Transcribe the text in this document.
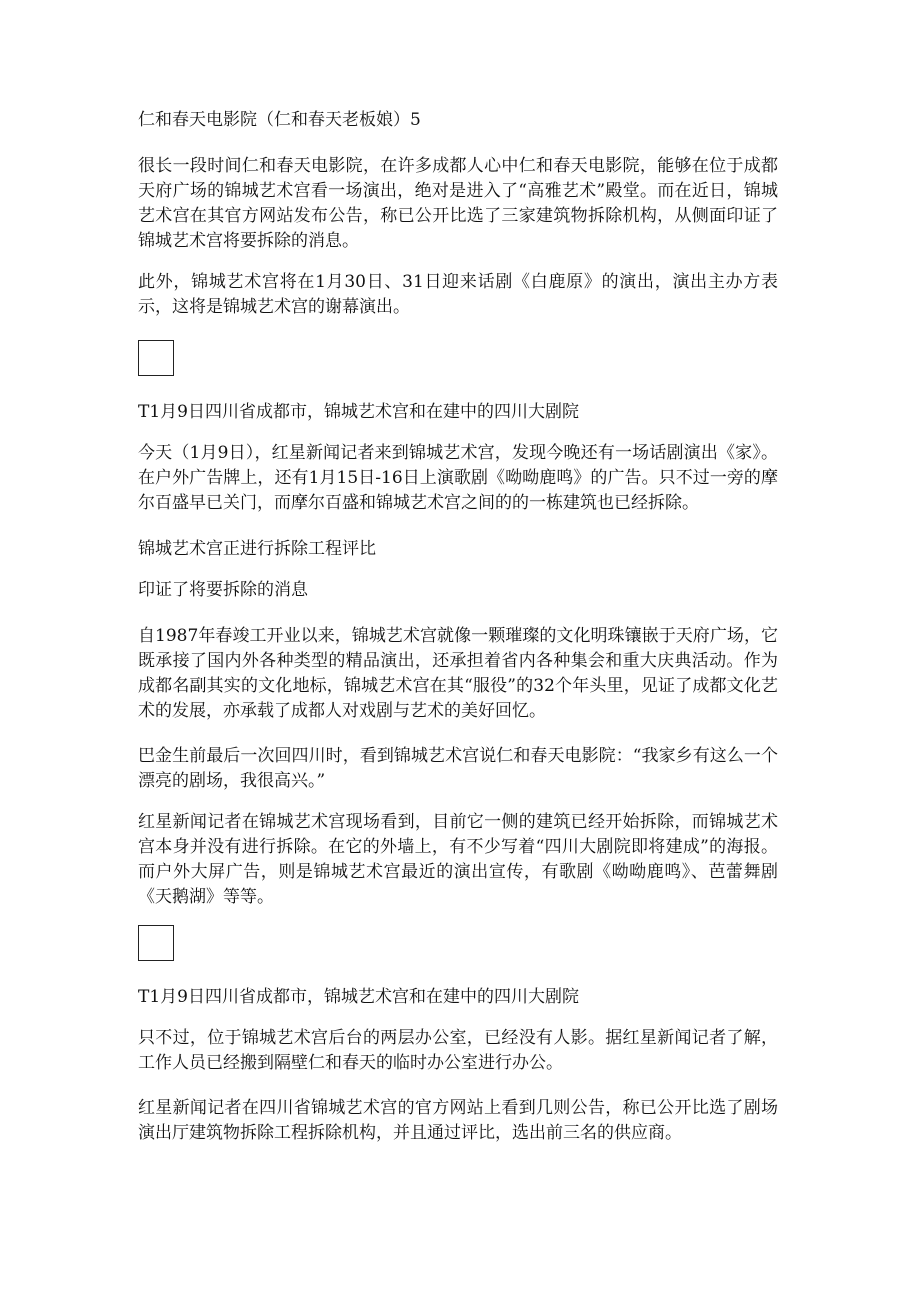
仁和春天电影院（仁和春天老板娘）5

很长一段时间仁和春天电影院，在许多成都人心中仁和春天电影院，能够在位于成都天府广场的锦城艺术宫看一场演出，绝对是进入了“高雅艺术”殿堂。而在近日，锦城艺术宫在其官方网站发布公告，称已公开比选了三家建筑物拆除机构，从侧面印证了锦城艺术宫将要拆除的消息。

此外，锦城艺术宫将在1月30日、31日迎来话剧《白鹿原》的演出，演出主办方表示，这将是锦城艺术宫的谢幕演出。

T1月9日四川省成都市，锦城艺术宫和在建中的四川大剧院

今天（1月9日），红星新闻记者来到锦城艺术宫，发现今晚还有一场话剧演出《家》。在户外广告牌上，还有1月15日-16日上演歌剧《呦呦鹿鸣》的广告。只不过一旁的摩尔百盛早已关门，而摩尔百盛和锦城艺术宫之间的的一栋建筑也已经拆除。

锦城艺术宫正进行拆除工程评比

印证了将要拆除的消息

自1987年春竣工开业以来，锦城艺术宫就像一颗璀璨的文化明珠镶嵌于天府广场，它既承接了国内外各种类型的精品演出，还承担着省内各种集会和重大庆典活动。作为成都名副其实的文化地标，锦城艺术宫在其“服役”的32个年头里，见证了成都文化艺术的发展，亦承载了成都人对戏剧与艺术的美好回忆。

巴金生前最后一次回四川时，看到锦城艺术宫说仁和春天电影院：“我家乡有这么一个漂亮的剧场，我很高兴。”

红星新闻记者在锦城艺术宫现场看到，目前它一侧的建筑已经开始拆除，而锦城艺术宫本身并没有进行拆除。在它的外墙上，有不少写着“四川大剧院即将建成”的海报。而户外大屏广告，则是锦城艺术宫最近的演出宣传，有歌剧《呦呦鹿鸣》、芭蕾舞剧《天鹅湖》等等。

T1月9日四川省成都市，锦城艺术宫和在建中的四川大剧院

只不过，位于锦城艺术宫后台的两层办公室，已经没有人影。据红星新闻记者了解，工作人员已经搬到隔壁仁和春天的临时办公室进行办公。

红星新闻记者在四川省锦城艺术宫的官方网站上看到几则公告，称已公开比选了剧场演出厅建筑物拆除工程拆除机构，并且通过评比，选出前三名的供应商。
